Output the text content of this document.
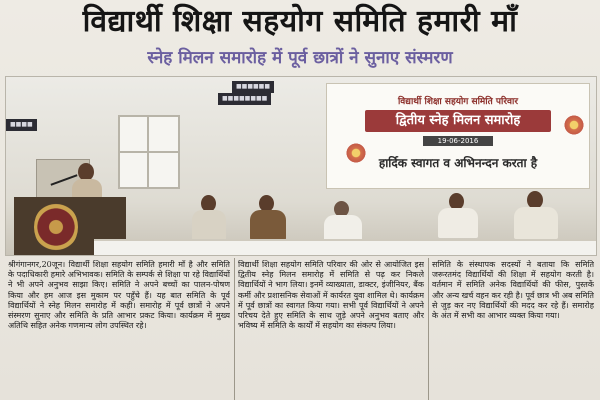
विद्यार्थी शिक्षा सहयोग समिति हमारी माँ
स्नेह मिलन समारोह में पूर्व छात्रों ने सुनाए संस्मरण
■■■■■■
■■■■■■■■
■■■■
विद्यार्थी शिक्षा सहयोग समिति परिवार
द्वितीय स्नेह मिलन समारोह
19-06-2016
हार्दिक स्वागत व अभिनन्दन करता है
श्रीगंगानगर,20जून। विद्यार्थी शिक्षा सहयोग समिति हमारी माँ है और समिति के पदाधिकारी हमारे अभिभावक। समिति के सम्पर्क से शिक्षा पा रहे विद्यार्थियों ने भी अपने अनुभव साझा किए। समिति ने अपने बच्चों का पालन-पोषण किया और हम आज इस मुकाम पर पहुँचे हैं। यह बात समिति के पूर्व विद्यार्थियों ने स्नेह मिलन समारोह में कही। समारोह में पूर्व छात्रों ने अपने संस्मरण सुनाए और समिति के प्रति आभार प्रकट किया। कार्यक्रम में मुख्य अतिथि सहित अनेक गणमान्य लोग उपस्थित रहे।
विद्यार्थी शिक्षा सहयोग समिति परिवार की ओर से आयोजित इस द्वितीय स्नेह मिलन समारोह में समिति से पढ़ कर निकले विद्यार्थियों ने भाग लिया। इनमें व्याख्याता, डाक्टर, इंजीनियर, बैंक कर्मी और प्रशासनिक सेवाओं में कार्यरत युवा शामिल थे। कार्यक्रम में पूर्व छात्रों का स्वागत किया गया। सभी पूर्व विद्यार्थियों ने अपने परिचय देते हुए समिति के साथ जुड़े अपने अनुभव बताए और भविष्य में समिति के कार्यों में सहयोग का संकल्प लिया।
समिति के संस्थापक सदस्यों ने बताया कि समिति जरूरतमंद विद्यार्थियों की शिक्षा में सहयोग करती है। वर्तमान में समिति अनेक विद्यार्थियों की फीस, पुस्तकें और अन्य खर्च वहन कर रही है। पूर्व छात्र भी अब समिति से जुड़ कर नए विद्यार्थियों की मदद कर रहे हैं। समारोह के अंत में सभी का आभार व्यक्त किया गया।
